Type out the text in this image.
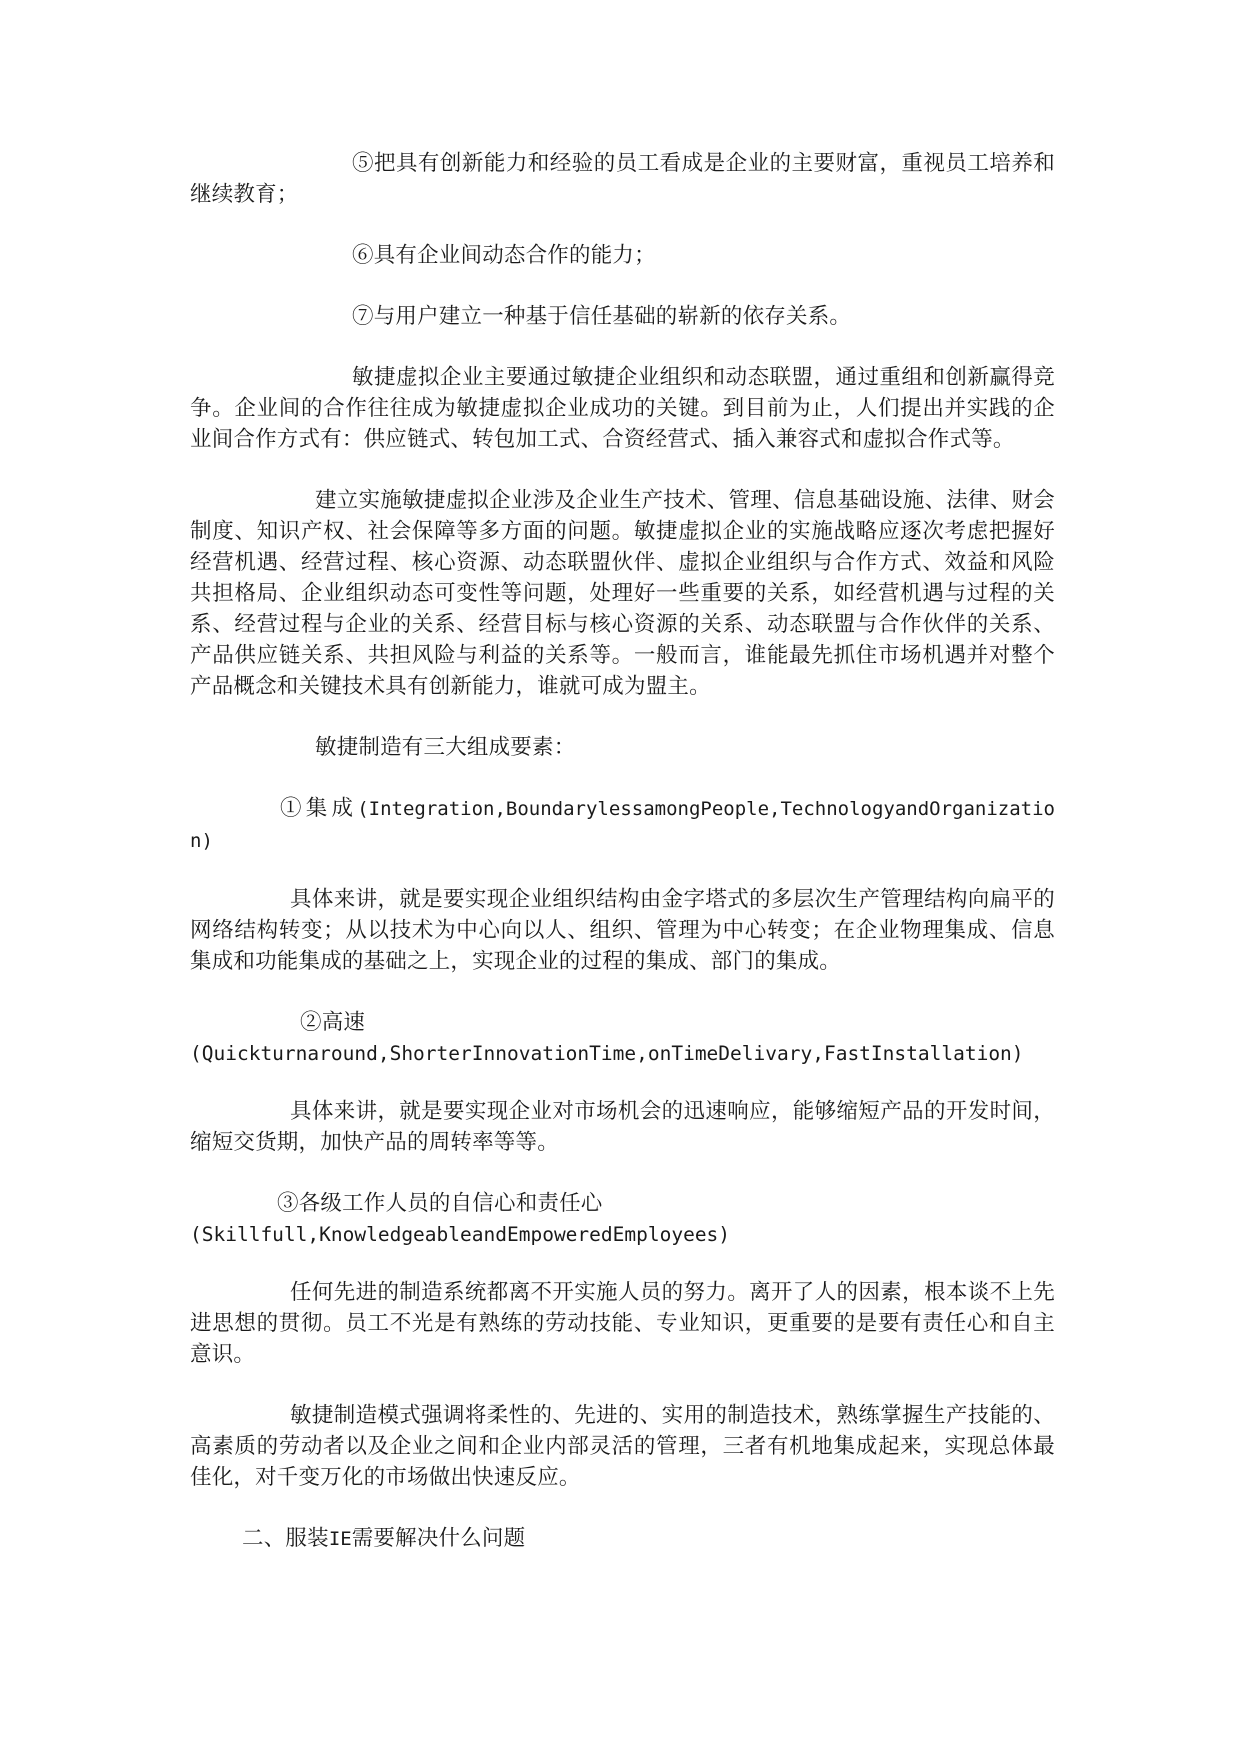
⑤把具有创新能力和经验的员工看成是企业的主要财富，重视员工培养和继续教育；

⑥具有企业间动态合作的能力；

⑦与用户建立一种基于信任基础的崭新的依存关系。

敏捷虚拟企业主要通过敏捷企业组织和动态联盟，通过重组和创新赢得竞争。企业间的合作往往成为敏捷虚拟企业成功的关键。到目前为止，人们提出并实践的企业间合作方式有：供应链式、转包加工式、合资经营式、插入兼容式和虚拟合作式等。

建立实施敏捷虚拟企业涉及企业生产技术、管理、信息基础设施、法律、财会制度、知识产权、社会保障等多方面的问题。敏捷虚拟企业的实施战略应逐次考虑把握好经营机遇、经营过程、核心资源、动态联盟伙伴、虚拟企业组织与合作方式、效益和风险共担格局、企业组织动态可变性等问题，处理好一些重要的关系，如经营机遇与过程的关系、经营过程与企业的关系、经营目标与核心资源的关系、动态联盟与合作伙伴的关系、产品供应链关系、共担风险与利益的关系等。一般而言，谁能最先抓住市场机遇并对整个产品概念和关键技术具有创新能力，谁就可成为盟主。

敏捷制造有三大组成要素：

①集成(Integration,BoundarylessamongPeople,TechnologyandOrganization)

具体来讲，就是要实现企业组织结构由金字塔式的多层次生产管理结构向扁平的网络结构转变；从以技术为中心向以人、组织、管理为中心转变；在企业物理集成、信息集成和功能集成的基础之上，实现企业的过程的集成、部门的集成。

②高速
(Quickturnaround,ShorterInnovationTime,onTimeDelivary,FastInstallation)

具体来讲，就是要实现企业对市场机会的迅速响应，能够缩短产品的开发时间，缩短交货期，加快产品的周转率等等。

③各级工作人员的自信心和责任心
(Skillfull,KnowledgeableandEmpoweredEmployees)

任何先进的制造系统都离不开实施人员的努力。离开了人的因素，根本谈不上先进思想的贯彻。员工不光是有熟练的劳动技能、专业知识，更重要的是要有责任心和自主意识。

敏捷制造模式强调将柔性的、先进的、实用的制造技术，熟练掌握生产技能的、高素质的劳动者以及企业之间和企业内部灵活的管理，三者有机地集成起来，实现总体最佳化，对千变万化的市场做出快速反应。

二、服装IE需要解决什么问题
